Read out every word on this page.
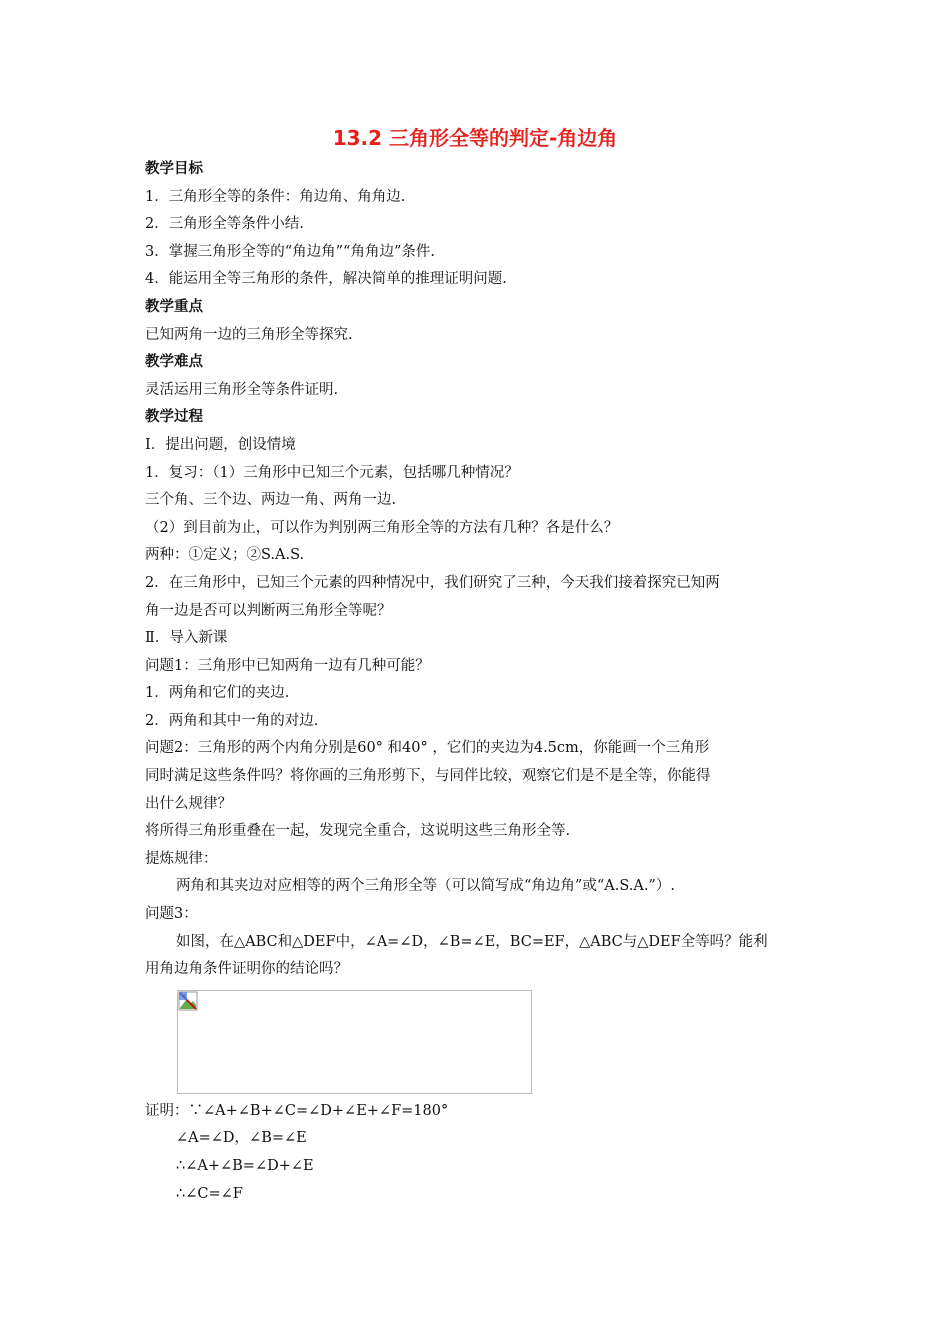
13.2 三角形全等的判定-角边角
教学目标
1．三角形全等的条件：角边角、角角边.
2．三角形全等条件小结.
3．掌握三角形全等的“角边角”“角角边”条件.
4．能运用全等三角形的条件，解决简单的推理证明问题.
教学重点
已知两角一边的三角形全等探究.
教学难点
灵活运用三角形全等条件证明.
教学过程
Ⅰ．提出问题，创设情境
1．复习：（1）三角形中已知三个元素，包括哪几种情况？
三个角、三个边、两边一角、两角一边.
（2）到目前为止，可以作为判别两三角形全等的方法有几种？各是什么？
两种：①定义；②S.A.S.
2．在三角形中，已知三个元素的四种情况中，我们研究了三种，今天我们接着探究已知两
角一边是否可以判断两三角形全等呢？
Ⅱ．导入新课
问题1：三角形中已知两角一边有几种可能？
1．两角和它们的夹边.
2．两角和其中一角的对边.
问题2：三角形的两个内角分别是60° 和40° ，它们的夹边为4.5cm，你能画一个三角形
同时满足这些条件吗？将你画的三角形剪下，与同伴比较，观察它们是不是全等，你能得
出什么规律？
将所得三角形重叠在一起，发现完全重合，这说明这些三角形全等.
提炼规律：
两角和其夹边对应相等的两个三角形全等（可以简写成“角边角”或“A.S.A.”）.
问题3：
如图，在△ABC和△DEF中，∠A=∠D，∠B=∠E，BC=EF，△ABC与△DEF全等吗？能利
用角边角条件证明你的结论吗？
证明：∵∠A+∠B+∠C=∠D+∠E+∠F=180°
∠A=∠D，∠B=∠E
∴∠A+∠B=∠D+∠E
∴∠C=∠F
